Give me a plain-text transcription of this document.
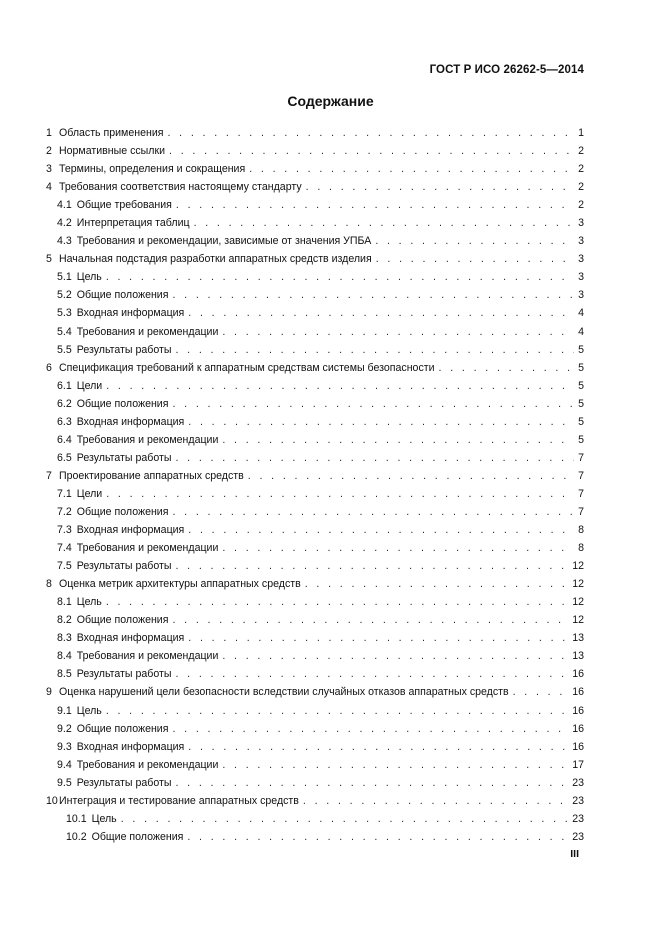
ГОСТ Р ИСО 26262-5—2014
Содержание
1 Область применения . . .	1
2 Нормативные ссылки . . .	2
3 Термины, определения и сокращения . . .	2
4 Требования соответствия настоящему стандарту . . .	2
4.1 Общие требования . . .	2
4.2 Интерпретация таблиц . . .	3
4.3 Требования и рекомендации, зависимые от значения УПБА . . .	3
5 Начальная подстадия разработки аппаратных средств изделия . . .	3
5.1 Цель . . .	3
5.2 Общие положения . . .	3
5.3 Входная информация . . .	4
5.4 Требования и рекомендации . . .	4
5.5 Результаты работы . . .	5
6 Спецификация требований к аппаратным средствам системы безопасности . . .	5
6.1 Цели . . .	5
6.2 Общие положения . . .	5
6.3 Входная информация . . .	5
6.4 Требования и рекомендации . . .	5
6.5 Результаты работы . . .	7
7 Проектирование аппаратных средств . . .	7
7.1 Цели . . .	7
7.2 Общие положения . . .	7
7.3 Входная информация . . .	8
7.4 Требования и рекомендации . . .	8
7.5 Результаты работы . . .	12
8 Оценка метрик архитектуры аппаратных средств . . .	12
8.1 Цель . . .	12
8.2 Общие положения . . .	12
8.3 Входная информация . . .	13
8.4 Требования и рекомендации . . .	13
8.5 Результаты работы . . .	16
9 Оценка нарушений цели безопасности вследствии случайных отказов аппаратных средств . . .	16
9.1 Цель . . .	16
9.2 Общие положения . . .	16
9.3 Входная информация . . .	16
9.4 Требования и рекомендации . . .	17
9.5 Результаты работы . . .	23
10 Интеграция и тестирование аппаратных средств . . .	23
10.1 Цель . . .	23
10.2 Общие положения . . .	23
III
